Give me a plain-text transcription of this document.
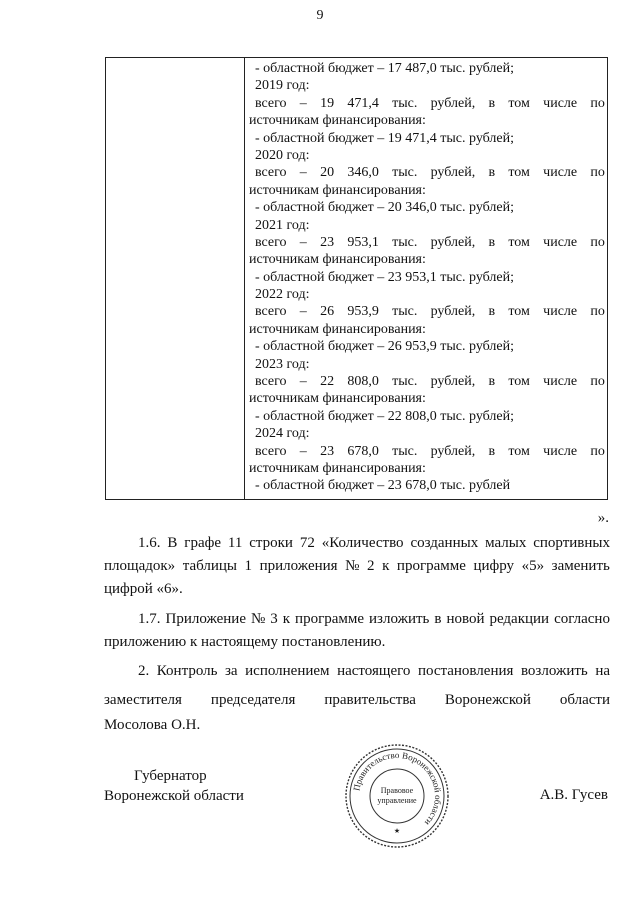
9
- областной бюджет – 17 487,0 тыс. рублей;
2019 год:
всего – 19 471,4 тыс. рублей, в том числе по
источникам финансирования:
- областной бюджет – 19 471,4 тыс. рублей;
2020 год:
всего – 20 346,0 тыс. рублей, в том числе по
источникам финансирования:
- областной бюджет – 20 346,0 тыс. рублей;
2021 год:
всего – 23 953,1 тыс. рублей, в том числе по
источникам финансирования:
- областной бюджет – 23 953,1 тыс. рублей;
2022 год:
всего – 26 953,9 тыс. рублей, в том числе по
источникам финансирования:
- областной бюджет – 26 953,9 тыс. рублей;
2023 год:
всего – 22 808,0 тыс. рублей, в том числе по
источникам финансирования:
- областной бюджет – 22 808,0 тыс. рублей;
2024 год:
всего – 23 678,0 тыс. рублей, в том числе по
источникам финансирования:
- областной бюджет – 23 678,0 тыс. рублей
».
1.6. В графе 11 строки 72 «Количество созданных малых спортивных
площадок» таблицы 1 приложения № 2 к программе цифру «5» заменить
цифрой «6».
1.7. Приложение № 3 к программе изложить в новой редакции согласно
приложению к настоящему постановлению.
2. Контроль за исполнением настоящего постановления возложить на
заместителя председателя правительства Воронежской области
Мосолова О.Н.
Губернатор
Воронежской области
Правительство Воронежской области
Правовое
управление
★
А.В. Гусев
